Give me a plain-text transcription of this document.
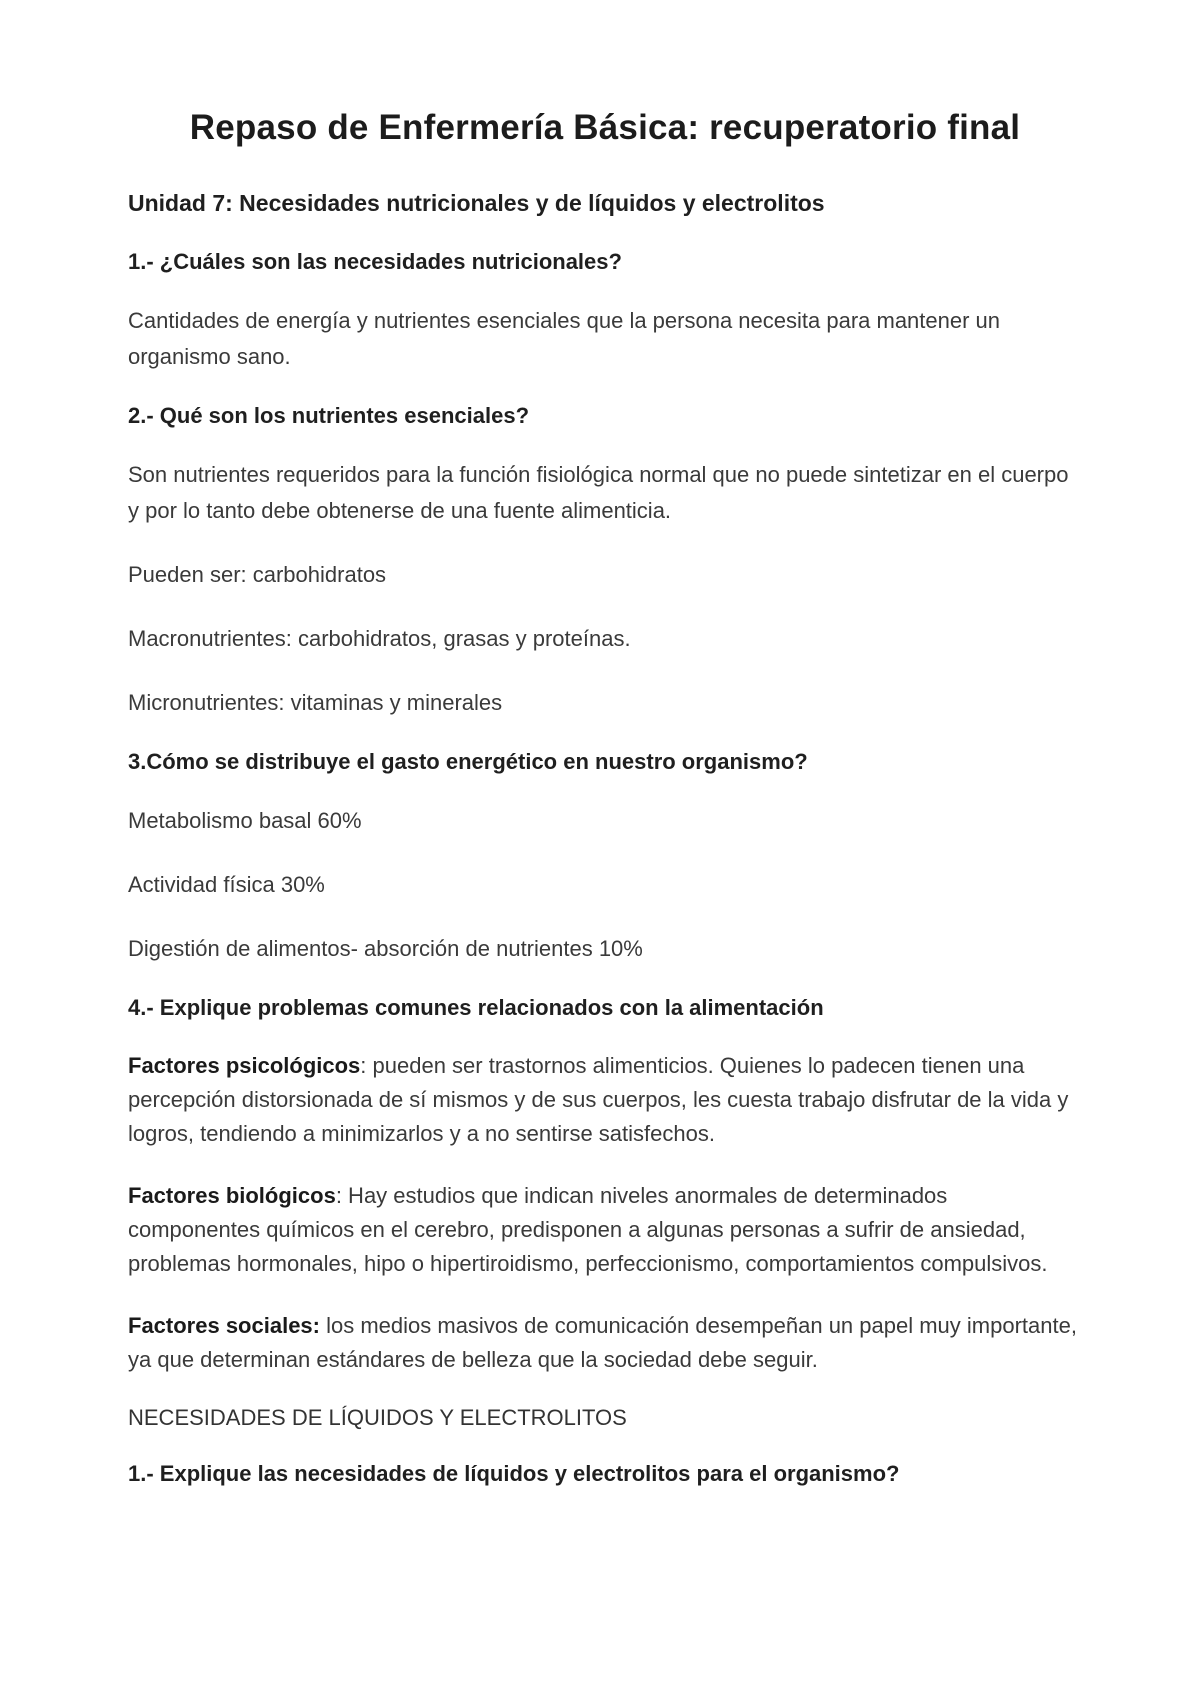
Repaso de Enfermería Básica: recuperatorio final
Unidad 7: Necesidades nutricionales y de líquidos y electrolitos
1.- ¿Cuáles son las necesidades nutricionales?

Cantidades de energía y nutrientes esenciales que la persona necesita para mantener un organismo sano.

2.- Qué son los nutrientes esenciales?

Son nutrientes requeridos para la función fisiológica normal que no puede sintetizar en el cuerpo y por lo tanto debe obtenerse de una fuente alimenticia.

Pueden ser: carbohidratos

Macronutrientes: carbohidratos, grasas y proteínas.

Micronutrientes: vitaminas y minerales

3.Cómo se distribuye el gasto energético en nuestro organismo?

Metabolismo basal 60%

Actividad física 30%

Digestión de alimentos- absorción de nutrientes 10%

4.- Explique problemas comunes relacionados con la alimentación

Factores psicológicos: pueden ser trastornos alimenticios. Quienes lo padecen tienen una percepción distorsionada de sí mismos y de sus cuerpos, les cuesta trabajo disfrutar de la vida y logros, tendiendo a minimizarlos y a no sentirse satisfechos.

Factores biológicos: Hay estudios que indican niveles anormales de determinados componentes químicos en el cerebro, predisponen a algunas personas a sufrir de ansiedad, problemas hormonales, hipo o hipertiroidismo, perfeccionismo, comportamientos compulsivos.

Factores sociales: los medios masivos de comunicación desempeñan un papel muy importante, ya que determinan estándares de belleza que la sociedad debe seguir.

NECESIDADES DE LÍQUIDOS Y ELECTROLITOS

1.- Explique las necesidades de líquidos y electrolitos para el organismo?
